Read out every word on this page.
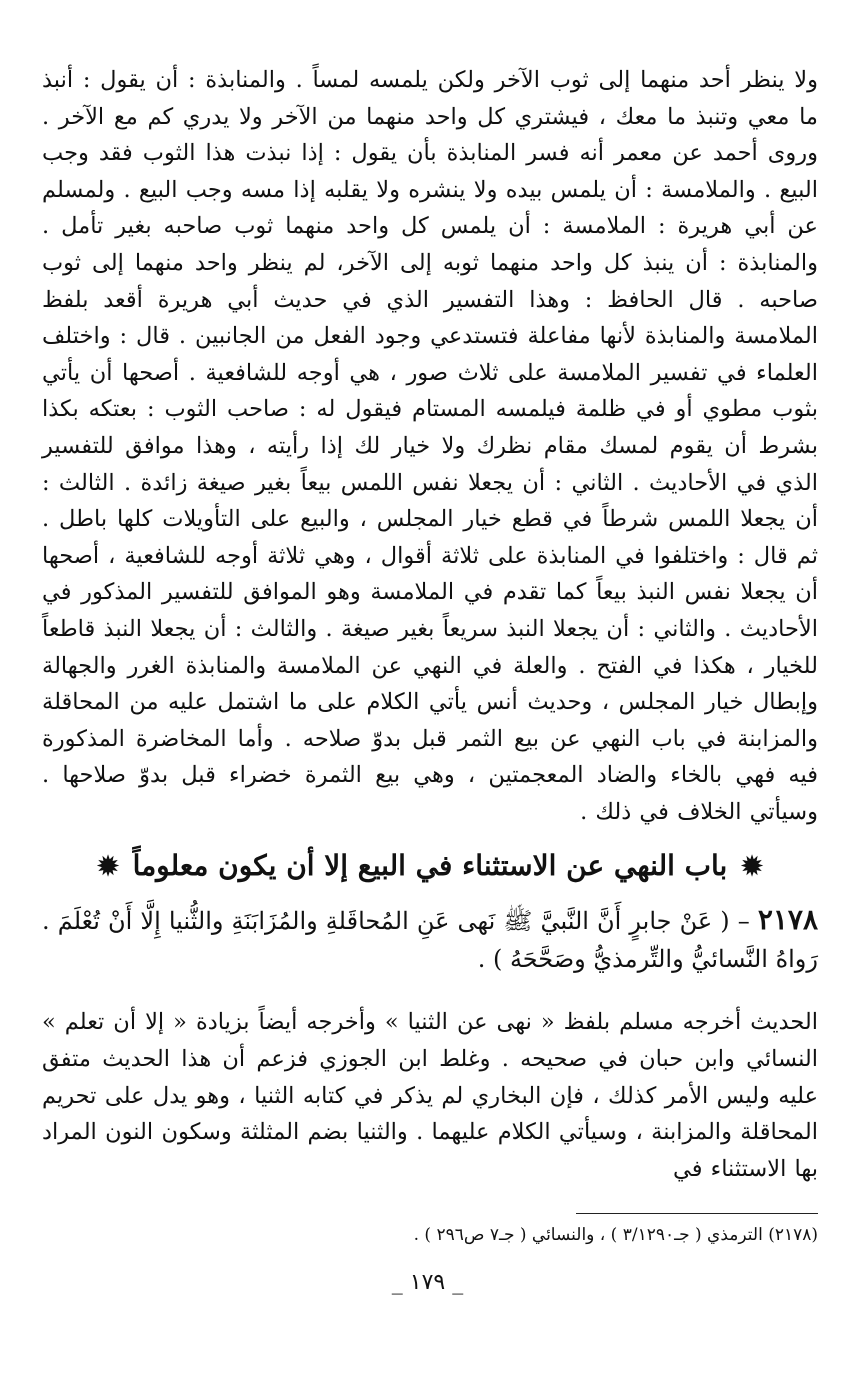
ولا ينظر أحد منهما إلى ثوب الآخر ولكن يلمسه لمساً . والمنابذة : أن يقول : أنبذ ما معي وتنبذ ما معك ، فيشتري كل واحد منهما من الآخر ولا يدري كم مع الآخر . وروى أحمد عن معمر أنه فسر المنابذة بأن يقول : إذا نبذت هذا الثوب فقد وجب البيع . والملامسة : أن يلمس بيده ولا ينشره ولا يقلبه إذا مسه وجب البيع . ولمسلم عن أبي هريرة : الملامسة : أن يلمس كل واحد منهما ثوب صاحبه بغير تأمل . والمنابذة : أن ينبذ كل واحد منهما ثوبه إلى الآخر، لم ينظر واحد منهما إلى ثوب صاحبه . قال الحافظ : وهذا التفسير الذي في حديث أبي هريرة أقعد بلفظ الملامسة والمنابذة لأنها مفاعلة فتستدعي وجود الفعل من الجانبين . قال : واختلف العلماء في تفسير الملامسة على ثلاث صور ، هي أوجه للشافعية . أصحها أن يأتي بثوب مطوي أو في ظلمة فيلمسه المستام فيقول له : صاحب الثوب : بعتكه بكذا بشرط أن يقوم لمسك مقام نظرك ولا خيار لك إذا رأيته ، وهذا موافق للتفسير الذي في الأحاديث . الثاني : أن يجعلا نفس اللمس بيعاً بغير صيغة زائدة . الثالث : أن يجعلا اللمس شرطاً في قطع خيار المجلس ، والبيع على التأويلات كلها باطل . ثم قال : واختلفوا في المنابذة على ثلاثة أقوال ، وهي ثلاثة أوجه للشافعية ، أصحها أن يجعلا نفس النبذ بيعاً كما تقدم في الملامسة وهو الموافق للتفسير المذكور في الأحاديث . والثاني : أن يجعلا النبذ سريعاً بغير صيغة . والثالث : أن يجعلا النبذ قاطعاً للخيار ، هكذا في الفتح . والعلة في النهي عن الملامسة والمنابذة الغرر والجهالة وإبطال خيار المجلس ، وحديث أنس يأتي الكلام على ما اشتمل عليه من المحاقلة والمزابنة في باب النهي عن بيع الثمر قبل بدوّ صلاحه . وأما المخاضرة المذكورة فيه فهي بالخاء والضاد المعجمتين ، وهي بيع الثمرة خضراء قبل بدوّ صلاحها . وسيأتي الخلاف في ذلك .

✹ باب النهي عن الاستثناء في البيع إلا أن يكون معلوماً ✹

٢١٧٨ – ( عَنْ جابرٍ أَنَّ النَّبيَّ ﷺ نَهى عَنِ المُحاقَلةِ والمُزَابَنَةِ والثُّنيا إِلَّا أَنْ تُعْلَمَ . رَواهُ النَّسائيُّ والتِّرمذيُّ وصَحَّحَهُ ) .

الحديث أخرجه مسلم بلفظ « نهى عن الثنيا » وأخرجه أيضاً بزيادة « إلا أن تعلم » النسائي وابن حبان في صحيحه . وغلط ابن الجوزي فزعم أن هذا الحديث متفق عليه وليس الأمر كذلك ، فإن البخاري لم يذكر في كتابه الثنيا ، وهو يدل على تحريم المحاقلة والمزابنة ، وسيأتي الكلام عليهما . والثنيا بضم المثلثة وسكون النون المراد بها الاستثناء في

(٢١٧٨) الترمذي ( جـ٣/١٢٩٠ ) ، والنسائي ( جـ٧ ص٢٩٦ ) .

_ ١٧٩ _
